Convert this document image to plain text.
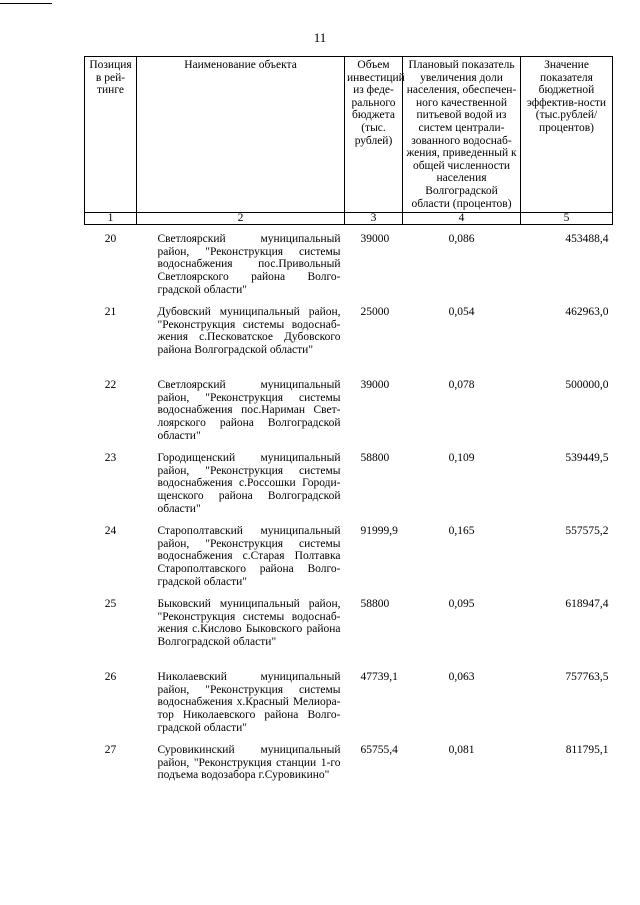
11
Позиция в рей-тинге	Наименование объекта	Объем инвестиций из феде-рального бюджета (тыс. рублей)	Плановый показатель увеличения доли населения, обеспечен-ного качественной питьевой водой из систем централи-зованного водоснаб-жения, приведенный к общей численности населения Волгоградской области (процентов)	Значение показателя бюджетной эффектив-ности (тыс.рублей/ процентов)
1	2	3	4	5
20	Светлоярский муниципальный район, "Реконструкция системы водоснабжения пос.Привольный Светлоярского района Волго-градской области"	39000	0,086	453488,4
21	Дубовский муниципальный район, "Реконструкция системы водоснаб-жения с.Песковатское Дубовского района Волгоградской области"	25000	0,054	462963,0
22	Светлоярский муниципальный район, "Реконструкция системы водоснабжения пос.Нариман Свет-лоярского района Волгоградской области"	39000	0,078	500000,0
23	Городищенский муниципальный район, "Реконструкция системы водоснабжения с.Россошки Городи-щенского района Волгоградской области"	58800	0,109	539449,5
24	Старополтавский муниципальный район, "Реконструкция системы водоснабжения с.Старая Полтавка Старополтавского района Волго-градской области"	91999,9	0,165	557575,2
25	Быковский муниципальный район, "Реконструкция системы водоснаб-жения с.Кислово Быковского района Волгоградской области"	58800	0,095	618947,4
26	Николаевский муниципальный район, "Реконструкция системы водоснабжения х.Красный Мелиора-тор Николаевского района Волго-градской области"	47739,1	0,063	757763,5
27	Суровикинский муниципальный район, "Реконструкция станции 1-го подъема водозабора г.Суровикино"	65755,4	0,081	811795,1
